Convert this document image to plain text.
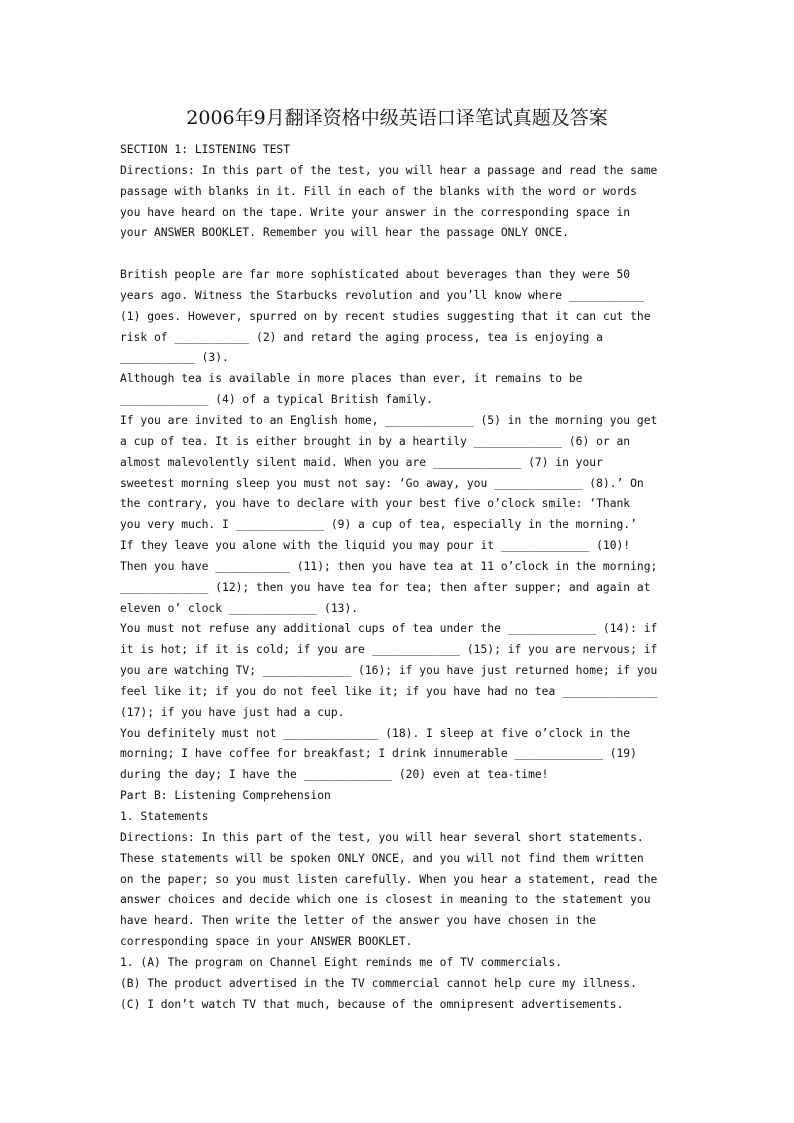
2006年9月翻译资格中级英语口译笔试真题及答案
SECTION 1: LISTENING TEST
Directions: In this part of the test, you will hear a passage and read the same
passage with blanks in it. Fill in each of the blanks with the word or words
you have heard on the tape. Write your answer in the corresponding space in
your ANSWER BOOKLET. Remember you will hear the passage ONLY ONCE.
British people are far more sophisticated about beverages than they were 50
years ago. Witness the Starbucks revolution and you’ll know where ___________
(1) goes. However, spurred on by recent studies suggesting that it can cut the
risk of ___________ (2) and retard the aging process, tea is enjoying a
___________ (3).
Although tea is available in more places than ever, it remains to be
_____________ (4) of a typical British family.
If you are invited to an English home, _____________ (5) in the morning you get
a cup of tea. It is either brought in by a heartily _____________ (6) or an
almost malevolently silent maid. When you are _____________ (7) in your
sweetest morning sleep you must not say: ‘Go away, you _____________ (8).’ On
the contrary, you have to declare with your best five o’clock smile: ‘Thank
you very much. I _____________ (9) a cup of tea, especially in the morning.’
If they leave you alone with the liquid you may pour it _____________ (10)!
Then you have ___________ (11); then you have tea at 11 o’clock in the morning;
_____________ (12); then you have tea for tea; then after supper; and again at
eleven o’ clock _____________ (13).
You must not refuse any additional cups of tea under the _____________ (14): if
it is hot; if it is cold; if you are _____________ (15); if you are nervous; if
you are watching TV; _____________ (16); if you have just returned home; if you
feel like it; if you do not feel like it; if you have had no tea ______________
(17); if you have just had a cup.
You definitely must not ______________ (18). I sleep at five o’clock in the
morning; I have coffee for breakfast; I drink innumerable _____________ (19)
during the day; I have the _____________ (20) even at tea-time!
Part B: Listening Comprehension
1. Statements
Directions: In this part of the test, you will hear several short statements.
These statements will be spoken ONLY ONCE, and you will not find them written
on the paper; so you must listen carefully. When you hear a statement, read the
answer choices and decide which one is closest in meaning to the statement you
have heard. Then write the letter of the answer you have chosen in the
corresponding space in your ANSWER BOOKLET.
1. (A) The program on Channel Eight reminds me of TV commercials.
(B) The product advertised in the TV commercial cannot help cure my illness.
(C) I don’t watch TV that much, because of the omnipresent advertisements.
